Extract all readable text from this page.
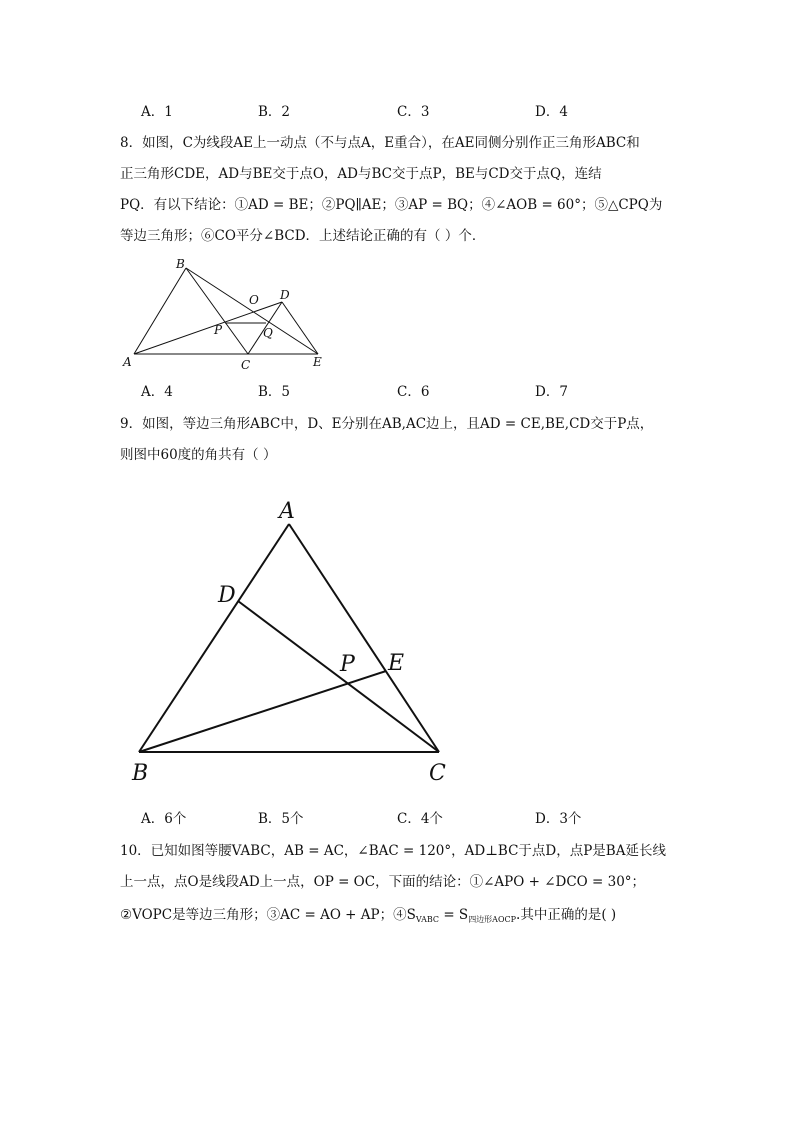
A．1	B．2	C．3	D．4
8．如图，C为线段AE上一动点（不与点A，E重合），在AE同侧分别作正三角形ABC和
正三角形CDE，AD与BE交于点O，AD与BC交于点P，BE与CD交于点Q，连结
PQ．有以下结论：①AD = BE；②PQ∥AE；③AP = BQ；④∠AOB = 60°；⑤△CPQ为
等边三角形；⑥CO平分∠BCD．上述结论正确的有（ ）个．
B
O D
P	Q
A	C	E
A．4	B．5	C．6	D．7
9．如图，等边三角形ABC中，D、E分别在AB,AC边上，且AD = CE,BE,CD交于P点，
则图中60度的角共有（ ）
A
D
P E
B	C
A．6个	B．5个	C．4个	D．3个
10．已知如图等腰VABC，AB = AC，∠BAC = 120°，AD⊥BC于点D，点P是BA延长线
上一点，点O是线段AD上一点，OP = OC，下面的结论：①∠APO + ∠DCO = 30°；
②VOPC是等边三角形；③AC = AO + AP；$④S_{VABC} = S_{四边形AOCP}$.其中正确的是( )
